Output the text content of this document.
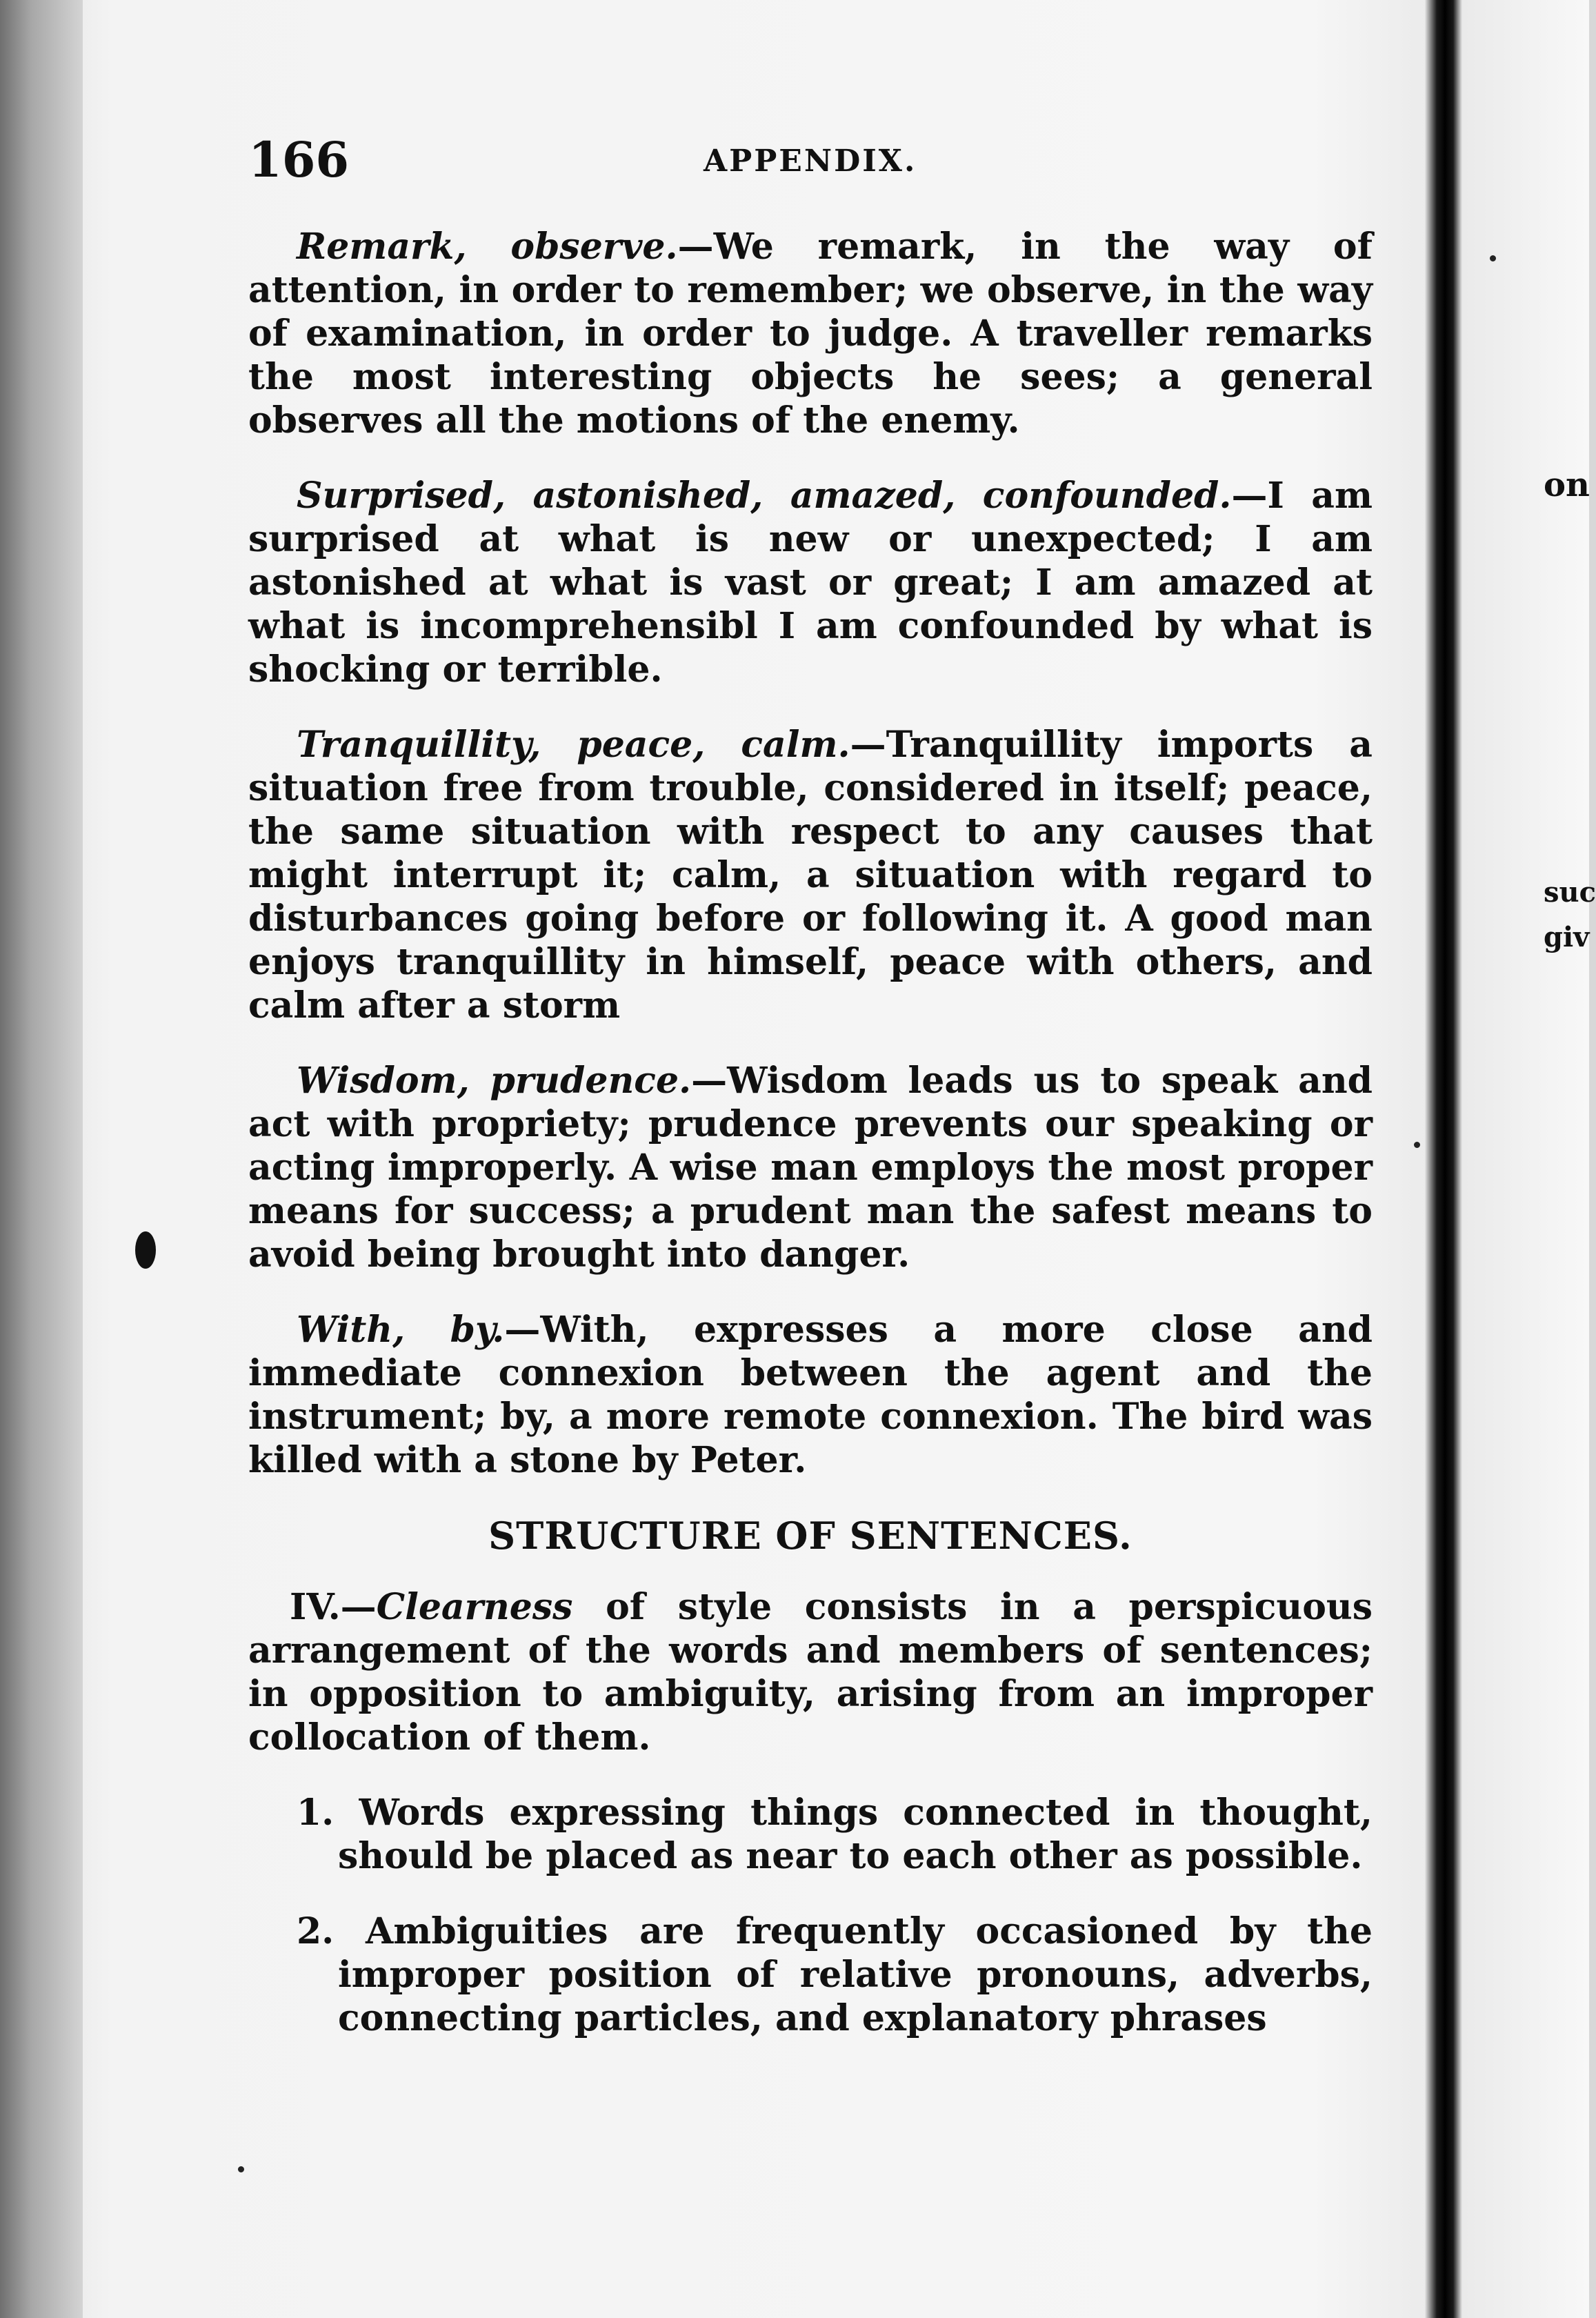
on
suc
giv
166	APPENDIX.

Remark, observe.—We remark, in the way of attention, in order to remember; we observe, in the way of examination, in order to judge. A traveller remarks the most interesting objects he sees; a general observes all the motions of the enemy.

Surprised, astonished, amazed, confounded.—I am surprised at what is new or unexpected; I am astonished at what is vast or great; I am amazed at what is incomprehensibl I am confounded by what is shocking or terrible.

Tranquillity, peace, calm.—Tranquillity imports a situation free from trouble, considered in itself; peace, the same situation with respect to any causes that might interrupt it; calm, a situation with regard to disturbances going before or following it. A good man enjoys tranquillity in himself, peace with others, and calm after a storm

Wisdom, prudence.—Wisdom leads us to speak and act with propriety; prudence prevents our speaking or acting improperly. A wise man employs the most proper means for success; a prudent man the safest means to avoid being brought into danger.

With, by.—With, expresses a more close and immediate connexion between the agent and the instrument; by, a more remote connexion. The bird was killed with a stone by Peter.

STRUCTURE OF SENTENCES.

IV.—Clearness of style consists in a perspicuous arrangement of the words and members of sentences; in opposition to ambiguity, arising from an improper collocation of them.

1. Words expressing things connected in thought, should be placed as near to each other as possible.

2. Ambiguities are frequently occasioned by the improper position of relative pronouns, adverbs, connecting particles, and explanatory phrases
